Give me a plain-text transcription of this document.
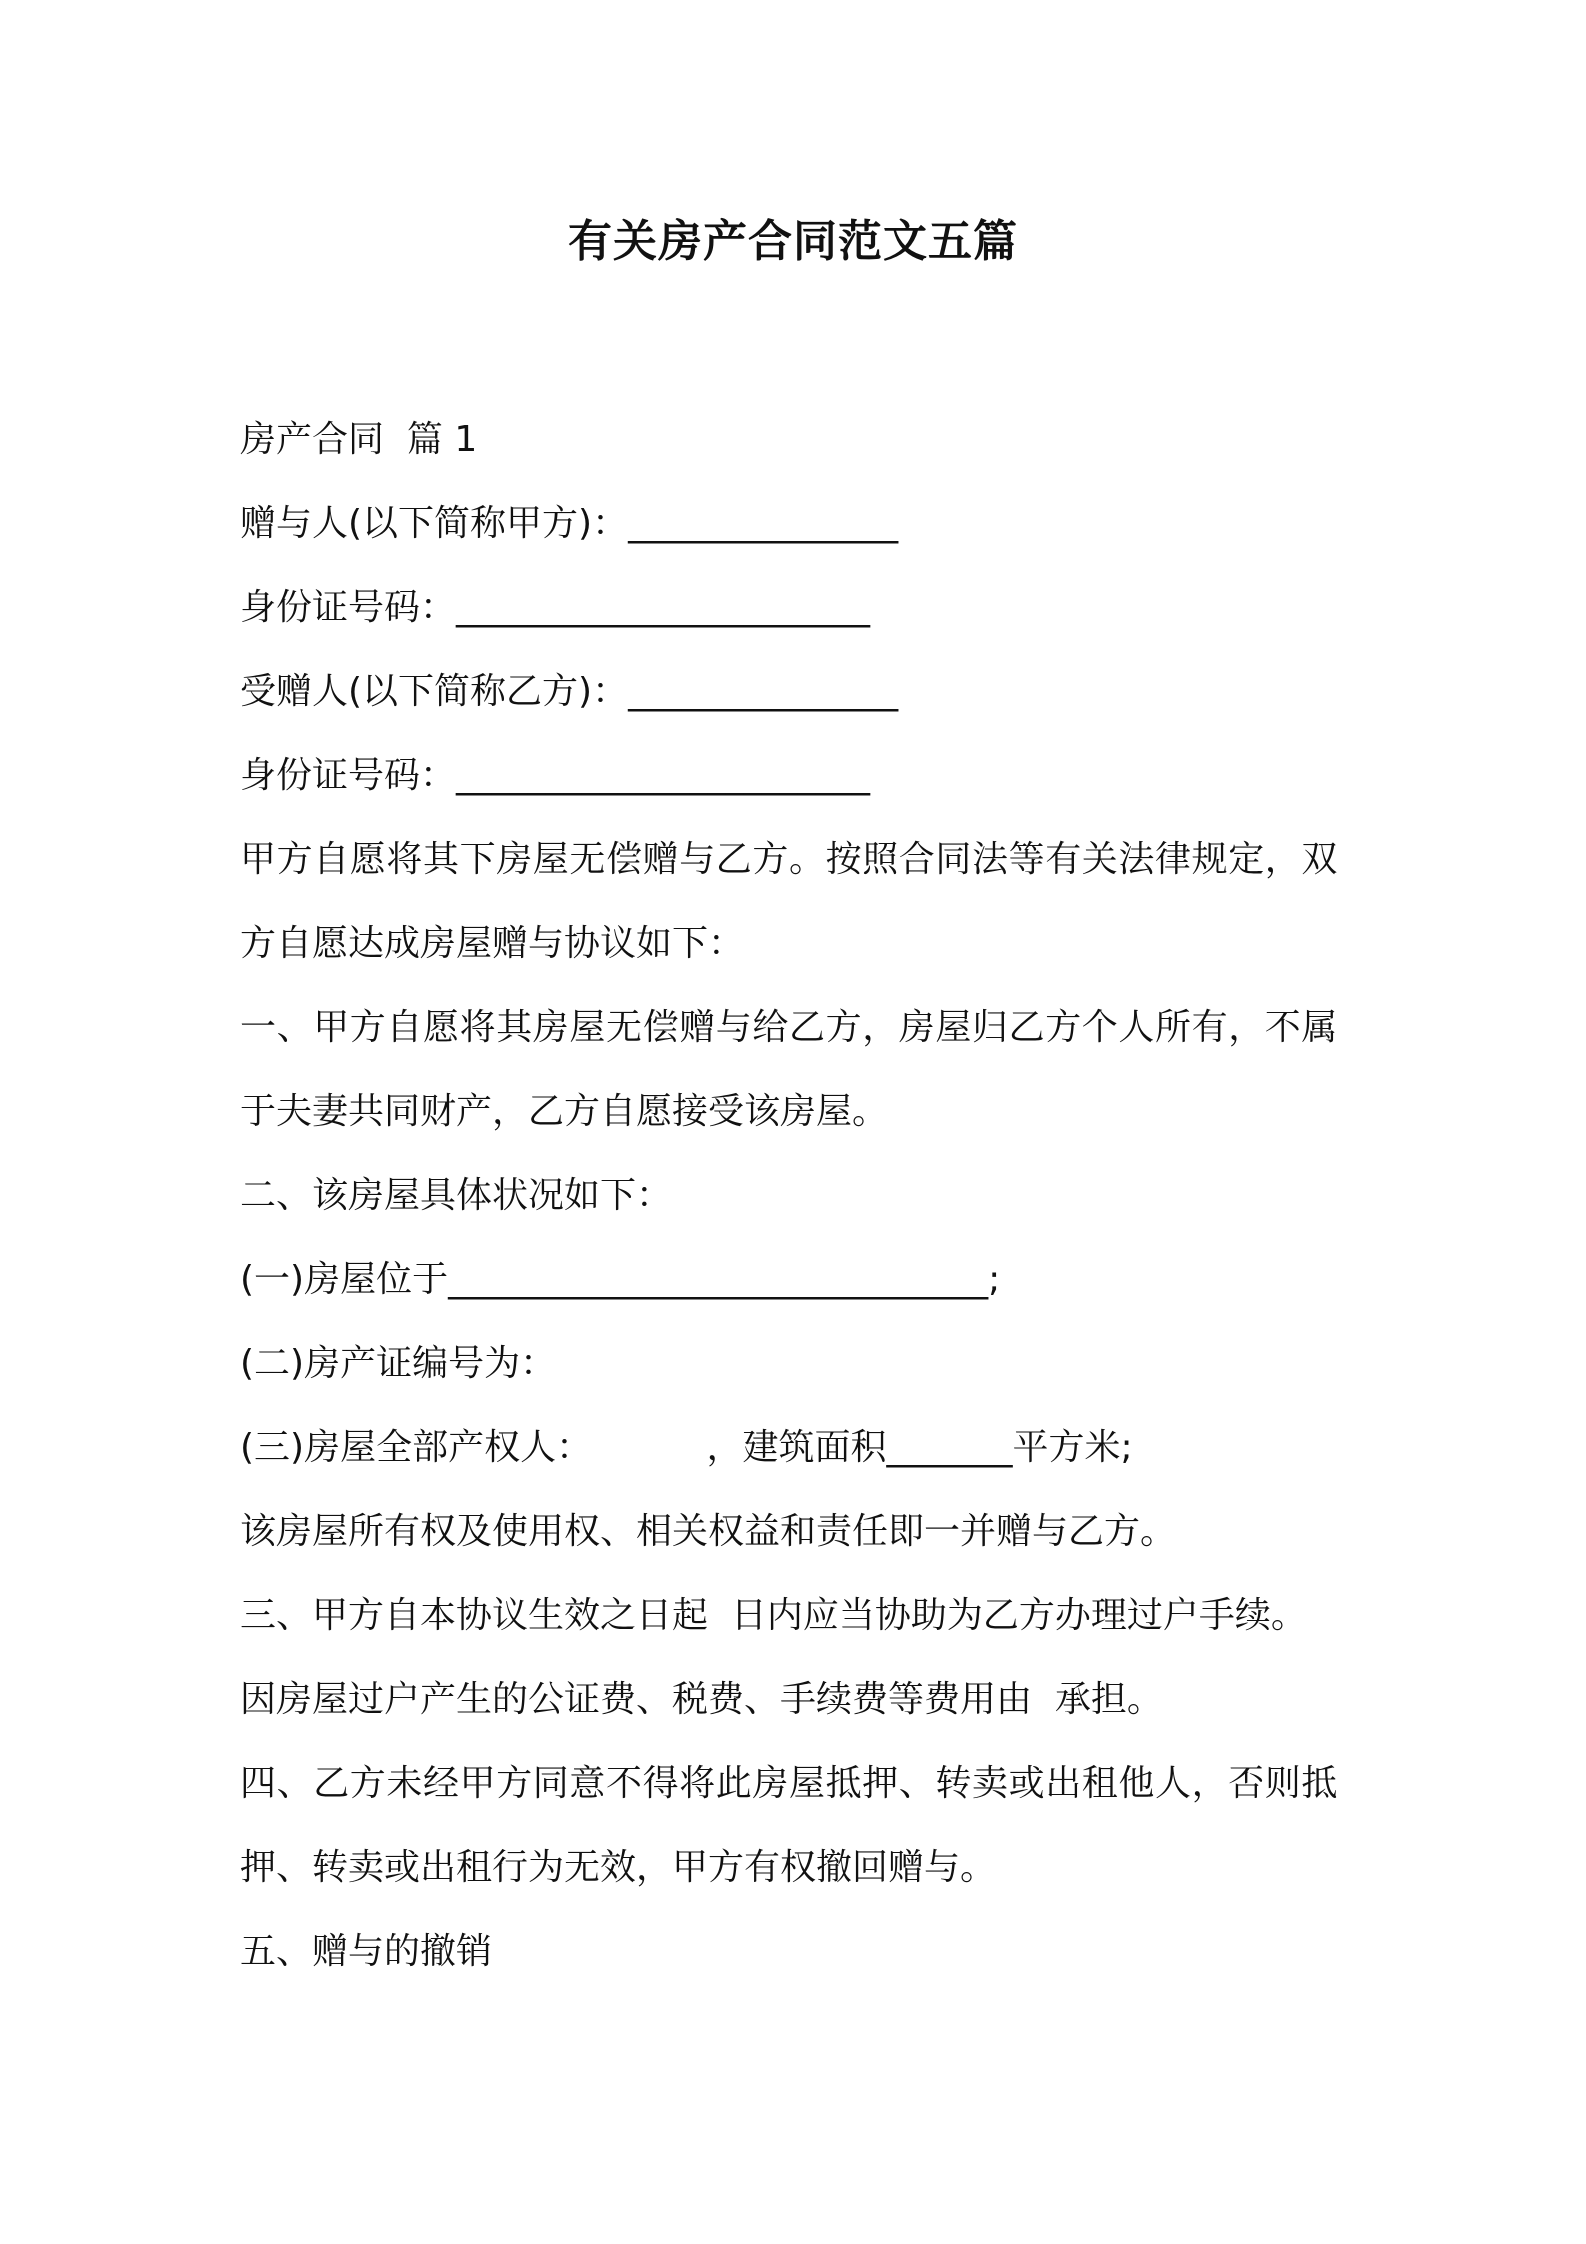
有关房产合同范文五篇
房产合同  篇 1
赠与人(以下简称甲方)：_______________
身份证号码：_______________________
受赠人(以下简称乙方)：_______________
身份证号码：_______________________
甲方自愿将其下房屋无偿赠与乙方。按照合同法等有关法律规定，双
方自愿达成房屋赠与协议如下：
一、甲方自愿将其房屋无偿赠与给乙方，房屋归乙方个人所有，不属
于夫妻共同财产，乙方自愿接受该房屋。
二、该房屋具体状况如下：
(一)房屋位于______________________________;
(二)房产证编号为：
(三)房屋全部产权人：          ，建筑面积_______平方米;
该房屋所有权及使用权、相关权益和责任即一并赠与乙方。
三、甲方自本协议生效之日起  日内应当协助为乙方办理过户手续。
因房屋过户产生的公证费、税费、手续费等费用由  承担。
四、乙方未经甲方同意不得将此房屋抵押、转卖或出租他人，否则抵
押、转卖或出租行为无效，甲方有权撤回赠与。
五、赠与的撤销
